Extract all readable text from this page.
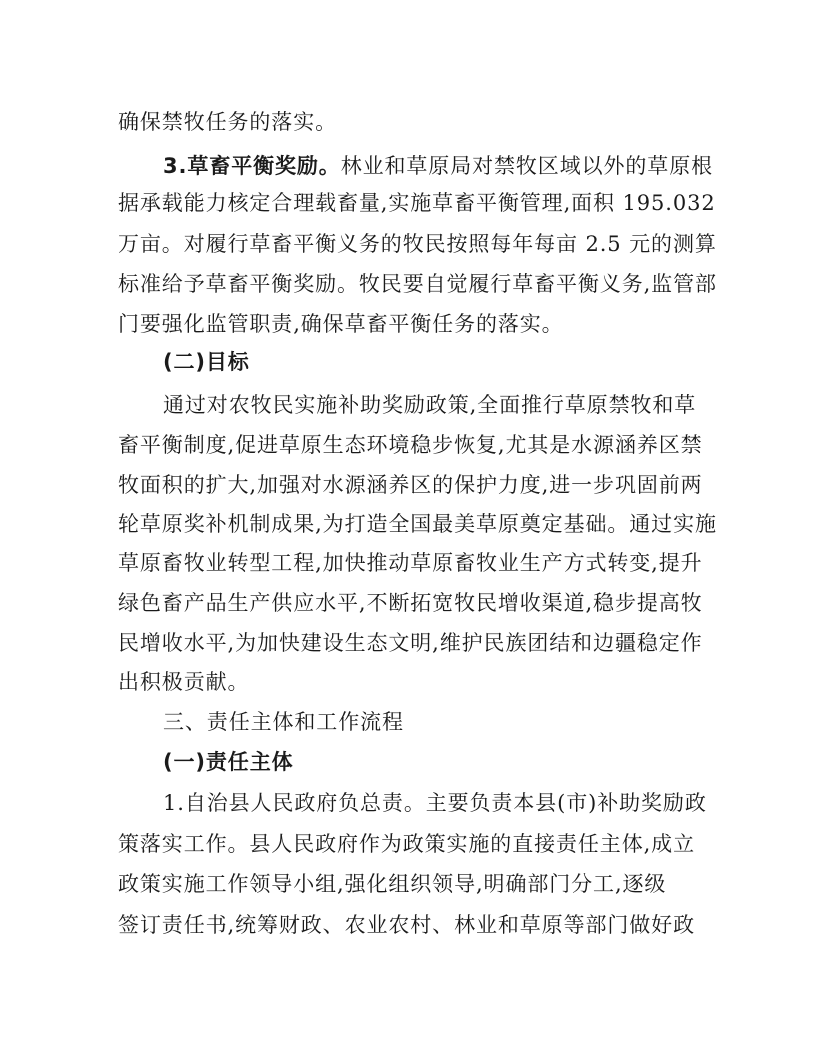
确保禁牧任务的落实。
3.草畜平衡奖励。林业和草原局对禁牧区域以外的草原根
据承载能力核定合理载畜量,实施草畜平衡管理,面积 195.032
万亩。对履行草畜平衡义务的牧民按照每年每亩 2.5 元的测算
标准给予草畜平衡奖励。牧民要自觉履行草畜平衡义务,监管部
门要强化监管职责,确保草畜平衡任务的落实。
(二)目标
通过对农牧民实施补助奖励政策,全面推行草原禁牧和草
畜平衡制度,促进草原生态环境稳步恢复,尤其是水源涵养区禁
牧面积的扩大,加强对水源涵养区的保护力度,进一步巩固前两
轮草原奖补机制成果,为打造全国最美草原奠定基础。通过实施
草原畜牧业转型工程,加快推动草原畜牧业生产方式转变,提升
绿色畜产品生产供应水平,不断拓宽牧民增收渠道,稳步提高牧
民增收水平,为加快建设生态文明,维护民族团结和边疆稳定作
出积极贡献。
三、责任主体和工作流程
(一)责任主体
1.自治县人民政府负总责。主要负责本县(市)补助奖励政
策落实工作。县人民政府作为政策实施的直接责任主体,成立
政策实施工作领导小组,强化组织领导,明确部门分工,逐级
签订责任书,统筹财政、农业农村、林业和草原等部门做好政
